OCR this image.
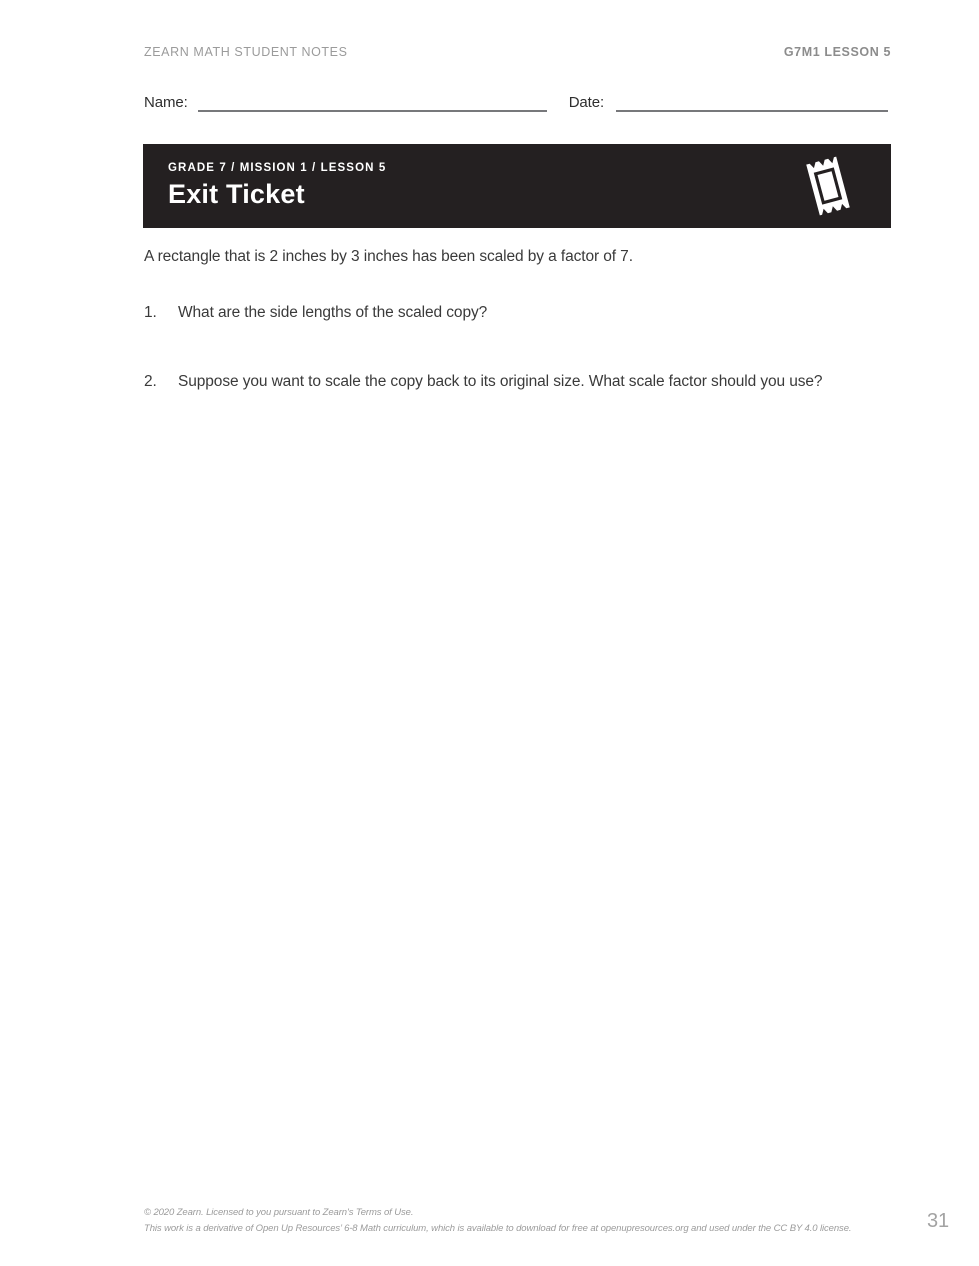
ZEARN MATH STUDENT NOTES	G7M1 LESSON 5
Name:	Date:
GRADE 7 / MISSION 1 / LESSON 5
Exit Ticket

A rectangle that is 2 inches by 3 inches has been scaled by a factor of 7.

1.	What are the side lengths of the scaled copy?
2.	Suppose you want to scale the copy back to its original size. What scale factor should you use?

© 2020 Zearn. Licensed to you pursuant to Zearn's Terms of Use.

This work is a derivative of Open Up Resources’ 6-8 Math curriculum, which is available to download for free at openupresources.org and used under the CC BY 4.0 license.	31
